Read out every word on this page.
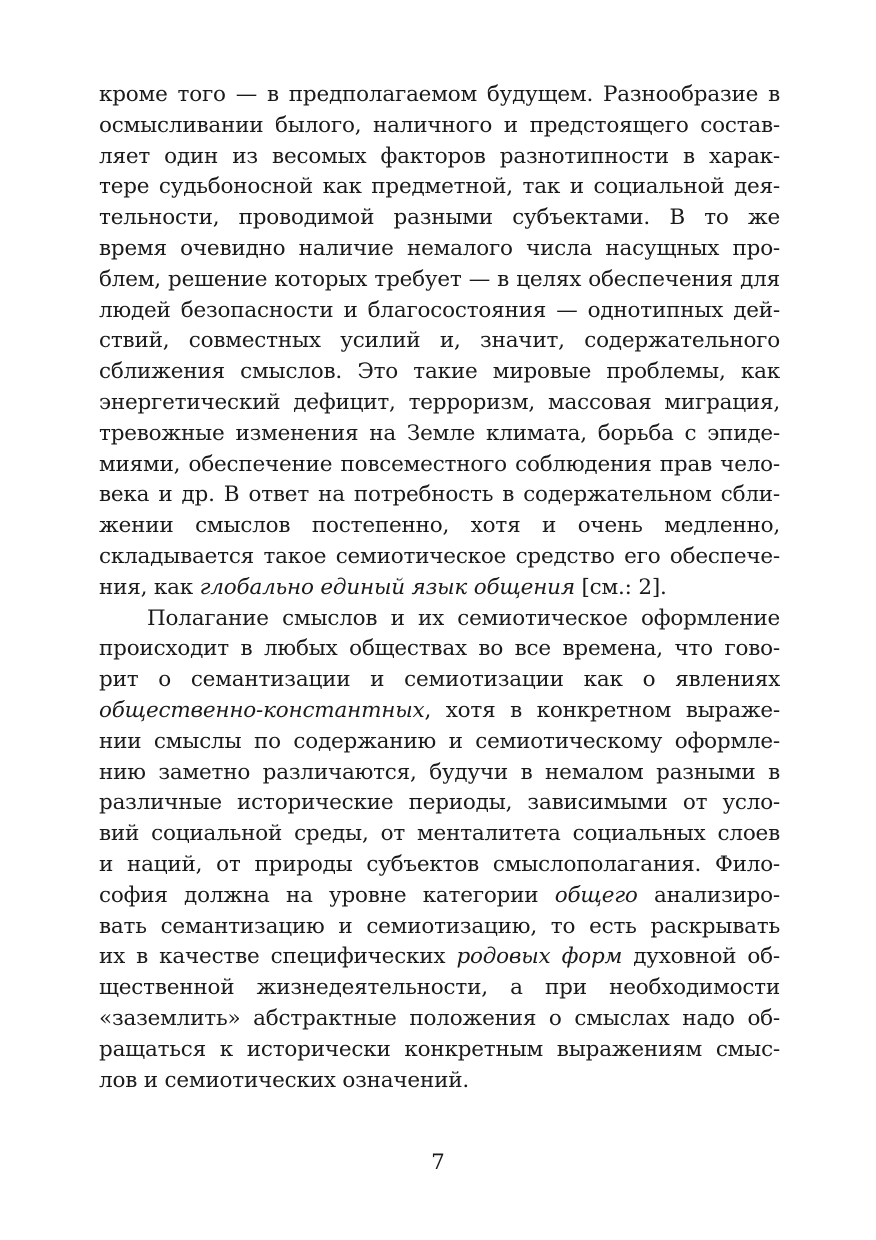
кроме того — в предполагаемом будущем. Разнообразие в
осмысливании былого, наличного и предстоящего состав-
ляет один из весомых факторов разнотипности в харак-
тере судьбоносной как предметной, так и социальной дея-
тельности, проводимой разными субъектами. В то же
время очевидно наличие немалого числа насущных про-
блем, решение которых требует — в целях обеспечения для
людей безопасности и благосостояния — однотипных дей-
ствий, совместных усилий и, значит, содержательного
сближения смыслов. Это такие мировые проблемы, как
энергетический дефицит, терроризм, массовая миграция,
тревожные изменения на Земле климата, борьба с эпиде-
миями, обеспечение повсеместного соблюдения прав чело-
века и др. В ответ на потребность в содержательном сбли-
жении смыслов постепенно, хотя и очень медленно,
складывается такое семиотическое средство его обеспече-
ния, как глобально единый язык общения [см.: 2].
Полагание смыслов и их семиотическое оформление
происходит в любых обществах во все времена, что гово-
рит о семантизации и семиотизации как о явлениях
общественно-константных, хотя в конкретном выраже-
нии смыслы по содержанию и семиотическому оформле-
нию заметно различаются, будучи в немалом разными в
различные исторические периоды, зависимыми от усло-
вий социальной среды, от менталитета социальных слоев
и наций, от природы субъектов смыслополагания. Фило-
софия должна на уровне категории общего анализиро-
вать семантизацию и семиотизацию, то есть раскрывать
их в качестве специфических родовых форм духовной об-
щественной жизнедеятельности, а при необходимости
«заземлить» абстрактные положения о смыслах надо об-
ращаться к исторически конкретным выражениям смыс-
лов и семиотических означений.
7
